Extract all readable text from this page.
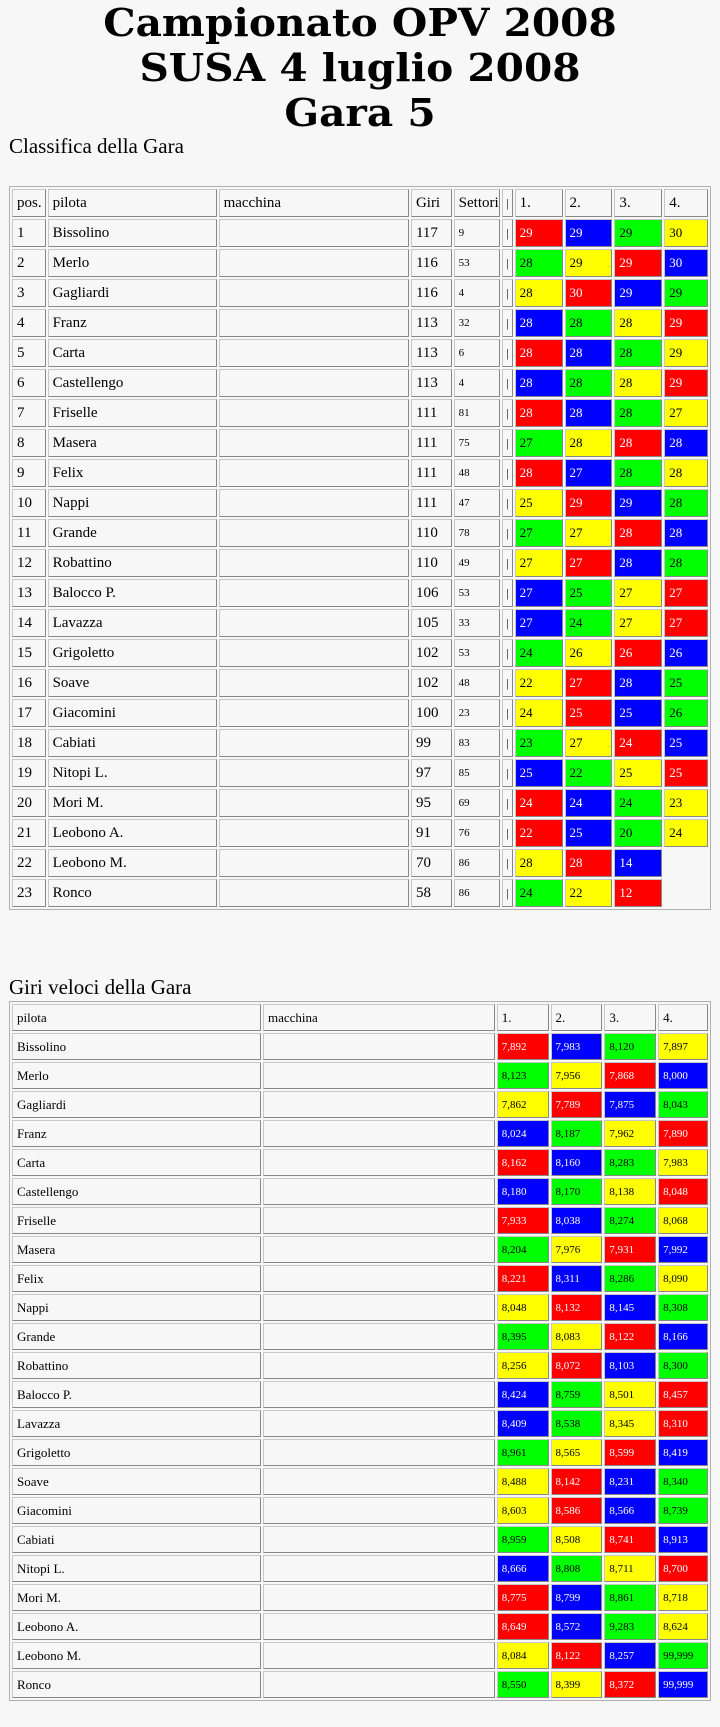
Campionato OPV 2008
SUSA 4 luglio 2008
Gara 5
Classifica della Gara
pos.	pilota	macchina	Giri	Settori	|	1.	2.	3.	4.
1	Bissolino		117	9	|	29	29	29	30
2	Merlo		116	53	|	28	29	29	30
3	Gagliardi		116	4	|	28	30	29	29
4	Franz		113	32	|	28	28	28	29
5	Carta		113	6	|	28	28	28	29
6	Castellengo		113	4	|	28	28	28	29
7	Friselle		111	81	|	28	28	28	27
8	Masera		111	75	|	27	28	28	28
9	Felix		111	48	|	28	27	28	28
10	Nappi		111	47	|	25	29	29	28
11	Grande		110	78	|	27	27	28	28
12	Robattino		110	49	|	27	27	28	28
13	Balocco P.		106	53	|	27	25	27	27
14	Lavazza		105	33	|	27	24	27	27
15	Grigoletto		102	53	|	24	26	26	26
16	Soave		102	48	|	22	27	28	25
17	Giacomini		100	23	|	24	25	25	26
18	Cabiati		99	83	|	23	27	24	25
19	Nitopi L.		97	85	|	25	22	25	25
20	Mori M.		95	69	|	24	24	24	23
21	Leobono A.		91	76	|	22	25	20	24
22	Leobono M.		70	86	|	28	28	14	
23	Ronco		58	86	|	24	22	12	
Giri veloci della Gara
pilota	macchina	1.	2.	3.	4.
Bissolino		7,892	7,983	8,120	7,897
Merlo		8,123	7,956	7,868	8,000
Gagliardi		7,862	7,789	7,875	8,043
Franz		8,024	8,187	7,962	7,890
Carta		8,162	8,160	8,283	7,983
Castellengo		8,180	8,170	8,138	8,048
Friselle		7,933	8,038	8,274	8,068
Masera		8,204	7,976	7,931	7,992
Felix		8,221	8,311	8,286	8,090
Nappi		8,048	8,132	8,145	8,308
Grande		8,395	8,083	8,122	8,166
Robattino		8,256	8,072	8,103	8,300
Balocco P.		8,424	8,759	8,501	8,457
Lavazza		8,409	8,538	8,345	8,310
Grigoletto		8,961	8,565	8,599	8,419
Soave		8,488	8,142	8,231	8,340
Giacomini		8,603	8,586	8,566	8,739
Cabiati		8,959	8,508	8,741	8,913
Nitopi L.		8,666	8,808	8,711	8,700
Mori M.		8,775	8,799	8,861	8,718
Leobono A.		8,649	8,572	9,283	8,624
Leobono M.		8,084	8,122	8,257	99,999
Ronco		8,550	8,399	8,372	99,999
